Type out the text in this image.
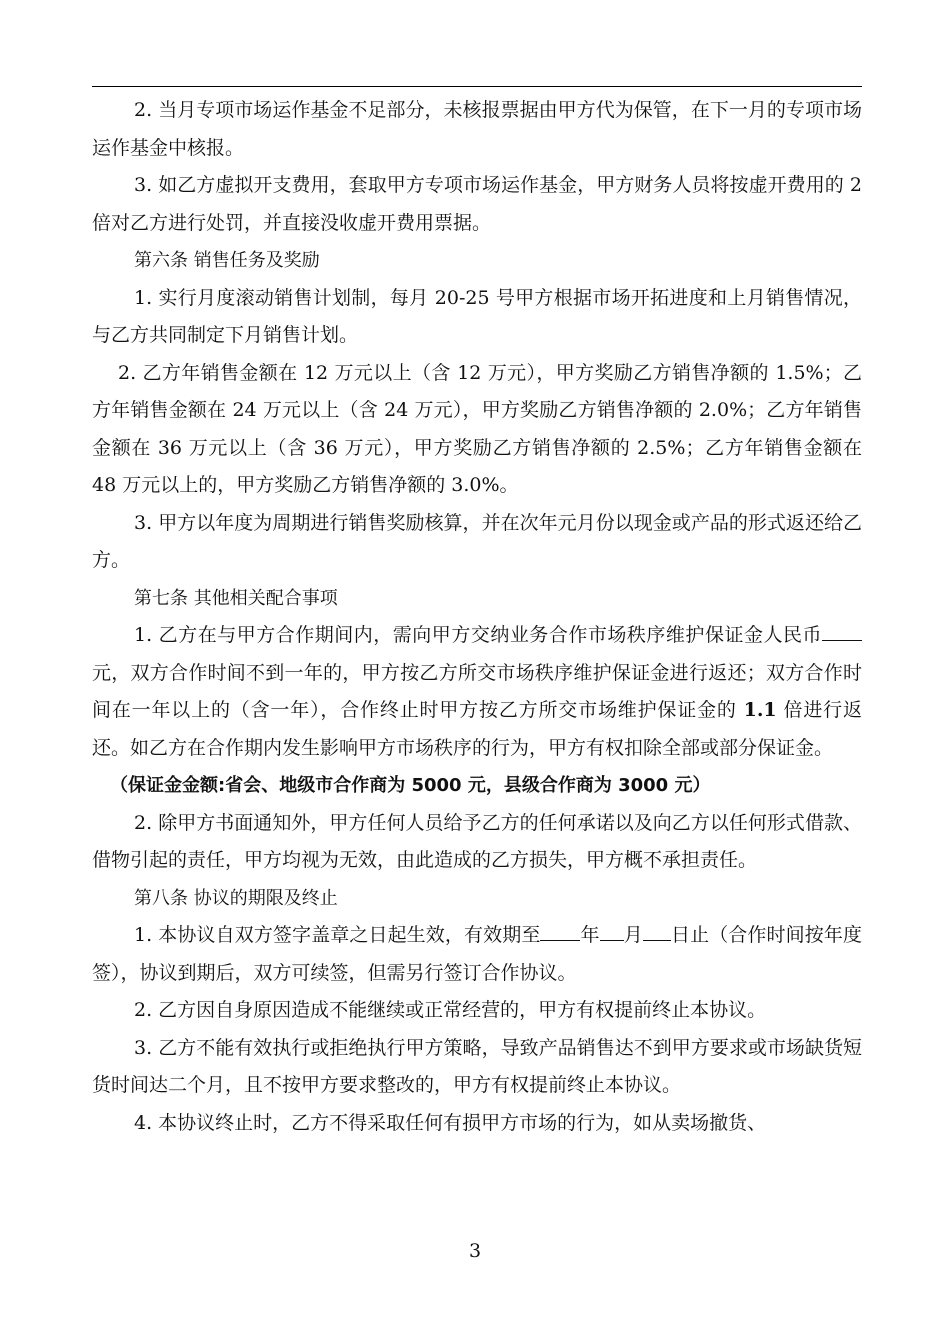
2. 当月专项市场运作基金不足部分，未核报票据由甲方代为保管，在下一月的专项市场运作基金中核报。

3. 如乙方虚拟开支费用，套取甲方专项市场运作基金，甲方财务人员将按虚开费用的 2 倍对乙方进行处罚，并直接没收虚开费用票据。

第六条 销售任务及奖励

1. 实行月度滚动销售计划制，每月 20-25 号甲方根据市场开拓进度和上月销售情况，与乙方共同制定下月销售计划。

2. 乙方年销售金额在 12 万元以上（含 12 万元），甲方奖励乙方销售净额的 1.5%；乙方年销售金额在 24 万元以上（含 24 万元），甲方奖励乙方销售净额的 2.0%；乙方年销售金额在 36 万元以上（含 36 万元），甲方奖励乙方销售净额的 2.5%；乙方年销售金额在 48 万元以上的，甲方奖励乙方销售净额的 3.0%。

3. 甲方以年度为周期进行销售奖励核算，并在次年元月份以现金或产品的形式返还给乙方。

第七条 其他相关配合事项

1. 乙方在与甲方合作期间内，需向甲方交纳业务合作市场秩序维护保证金人民币元，双方合作时间不到一年的，甲方按乙方所交市场秩序维护保证金进行返还；双方合作时间在一年以上的（含一年），合作终止时甲方按乙方所交市场维护保证金的 1.1 倍进行返还。如乙方在合作期内发生影响甲方市场秩序的行为，甲方有权扣除全部或部分保证金。

（保证金金额:省会、地级市合作商为 5000 元，县级合作商为 3000 元）

2. 除甲方书面通知外，甲方任何人员给予乙方的任何承诺以及向乙方以任何形式借款、借物引起的责任，甲方均视为无效，由此造成的乙方损失，甲方概不承担责任。

第八条 协议的期限及终止

1. 本协议自双方签字盖章之日起生效，有效期至 年 月 日止（合作时间按年度签），协议到期后，双方可续签，但需另行签订合作协议。

2. 乙方因自身原因造成不能继续或正常经营的，甲方有权提前终止本协议。

3. 乙方不能有效执行或拒绝执行甲方策略，导致产品销售达不到甲方要求或市场缺货短货时间达二个月，且不按甲方要求整改的，甲方有权提前终止本协议。

4. 本协议终止时，乙方不得采取任何有损甲方市场的行为，如从卖场撤货、

3
